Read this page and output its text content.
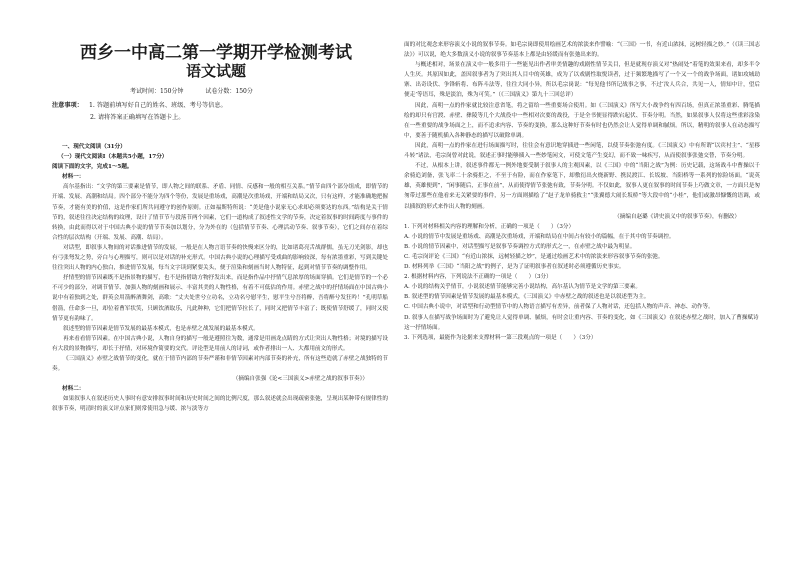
西乡一中高二第一学期开学检测考试
语文试题
考试时间：150分钟	试卷分数：150分
注意事项： 1. 答题前填写好自己的姓名、班级、考号等信息。
2. 请将答案正确填写在答题卡上。
一、现代文阅读（31分）
（一）现代文阅读Ⅰ（本题共5小题，17分）
阅读下面的文字，完成1～5题。
材料一：

高尔基指出：“文学的第三要素是情节，即人物之间的联系、矛盾、同情、反感和一般的相互关系。”情节由四个部分组成，即情节的开端、发展、高潮和结局。四个部分不能分为四个等份，发展是重场戏，高潮是次重场戏，开端和结局又次，只有这样，才能准确地把握节奏，才能有美的价值，这是作家们所共同遵守的创作原则。正如福斯特所说：“美是他小说家无心求却必须要达的东西。”结构是关于情节的，叙述往往决定结构的纹理，设计了情节节与段落节两个因素，它们一道构成了叙述性文学的节奏，决定着叙事的时间跨度与事件的转换，由此而得以对于中国古典小说的情节节奏加以划分，分为外在的（包括情节节奏、心理活动节奏、叙事节奏），它们之间存在着综合性的层次结构（开端、发展、高潮、结局）。

对话型，即叙事人物间的对话推进情节的发展，一般是在人物言语节奏的快慢来区分的，比如诸葛亮舌战群儒，虽无刀光剑影，却也有弓张弩发之势，旁白与心理描写，则可以是对话的补充形式。中国古典小说的心理描写受戏曲的影响较深，每有浓墨重彩，写到关键处往往突出人物的内心独白，推进情节发展，每当文字读到紧要关头，便于渲染和刻画当时人物特征，起到对情节节奏的调整作用。

抒情型的情节因素既不是指景物的描写，也不是指借助方物抒发出来，而是指作品中抒情气息浓厚的场面穿插。它们是情节的一个必不可少的部分，对调节情节、加强人物的刻画和展示、丰富其美的人物性格，有着不可低估的作用。赤壁之战中的抒情场面在中国古典小说中有着独到之处，群英会用箭醉酒舞剑，高歌：“丈夫处世兮立功名，立功名兮慰平生，慰平生兮吾将醉，吾将醉兮发狂吟！”孔明草船借箭，任命多一旦，却位着曹军状笑，只顾饮酒取乐，凡此种种，它们把情节拉长了，同时又把情节丰富了；既使情节舒缓了，同时又使情节更有韵味了。

叙述型的情节因素是情节发展的最基本模式，也是赤壁之战发展的最基本模式。

再来看看情节因素。在中国古典小说，人物自身的描写一般是遵照往为数，通常是用画龙点睛的方式让突出人物性格；对境的描写设有大段的景物描写，却长于抒情，对环境作简要的交代。评论型是用前人的诗词，或作者排出一人、大都用前文的形式。

《三国演义》赤壁之战情节的变化，就在于情节内部的节奏严谨和非情节因素对内部节奏的补充，所有这些造就了赤壁之战独特的节奏。

（摘编自张强《论<三国演义>赤壁之战的叙事节奏》）

材料二：

如果叙事人在叙述历史人事时有意安排叙事时间和历史时间之间的比例尺度，那么叙述就会出现疏密张弛，呈现出某种带有规律性的叙事节奏，明清时的演义评点家们则常使用急与缓、浓与淡等方

面的对比观念来形容演义小说的叙事节奏。如毛宗岗即使用绘画艺术的浓淡来作譬喻：“《三国》一书，有近山浓抹，远树轻描之妙。”（《读三国志法》）可以说，绝大多数演义小说的叙事节奏基本上都是由轻缓而有张弛出来的。

与概述相对，场景在演义中一般多用于一些能见出作者审美情趣的戏剧性情节关目，但是就现存演义对“热闹处”着笔的效果来看，却多半令人生厌。其原因如此，盖因叙事者为了突出其人目中的英雄，成为了以戏剧性取悦读者，过于频繁地描写了一个又一个的战争场面，诸如攻城劫寨、出奇设伏、争锋斩将、布阵斗法等，往往大同小异，所以毛宗岗说：“每见他书所记战事之事，不过‘汝人兵合，共见一人，情知中计，望后便走’等语耳，殊是淡泊，殊为可笑。”（《三国演义》第九十三回总评）

因此，高明一点的作家就比较注意省笔，将之留给一些重要场合使用。如《三国演义》所写大小战争约有四百场，但真正浓墨重彩、腾笔描绘的却只有官渡、赤壁、彝陵等几个大战役中一些相对次要的战役，于是全书便显得跌宕起伏、节奏分明。当然，如果叙事人仅将这些重彩涂染在一些重要的战争场面之上，而不追求内容、节奏的变换，那么这种好节奏有时也仍然会让人觉得单调和腻烦。所以，精明的叙事人在动态描写中，要善于随机插入各种静态的描写以破除单调。

因此，高明一点的作家在进行场面描写时，往往会有意识地穿插进一些闲笔，以使节奏张弛有度。《三国演义》中有所谓“以宾衬主”、“星移斗转”诸法，毛宗岗曾对此说，叙述正事时能够插入一些妙笔闲文，可使文笔产生变幻，而不致一味疾写，从而使叙事张弛交替，节奏分明。

不过，从根本上讲，叙述事件都无一例外地要受制于叙事人的主观因素，以《三国》中的“当阳之战”为例：历史记载，这场战斗中曹操以千余骑追刘备，张飞率二十余骑拒之，不至于有险，而在作家笔下，却敷衍出火烧新野、携民渡江、长坂坡、当阳桥等一系列的惊险场面。“说英雄，英雄便到”，“闲事随后，正事在前”，从而使得情节张弛有致，节奏分明。不仅如此，叙事人更在叙事的时间节奏上巧做文章，一方面只是匆匆带过那些在他看来无关紧要的事件，另一方面则描绘了“赵子龙单骑救主”“张翼德大闹长坂桥”等大段中的“小桂”，他们或激昂慷慨的语调，或以插叙的形式来作出人物的刻画。

（摘编自赵璐《讲史演义中的叙事节奏》，有删改）

1. 下列对材料相关内容的理解和分析，正确的一项是（　　）（3分）
A. 小说的情节中发展是重场戏、高潮是次重场戏，开端和结局在中间占有较小的篇幅，在于其中的节奏调控。
B. 小说的情节因素中，对话型描写是叙事节奏调控方式的形式之一，在赤壁之战中最为明显。
C. 毛宗岗评论《三国》“有近山浓抹，远树轻描之妙”，是通过绘画艺术中的浓淡来形容叙事节奏的张弛。
D. 材料列举《三国》“当阳之战”的例子，是为了证明叙事者在叙述时必须遵循历史事实。
2. 根据材料内容，下列说法不正确的一项是（　　）（3分）
A. 小说的结构关乎情节，小说叙述情节能够完善小说结构，高尔基认为情节是文学的第三要素。
B. 叙述型的情节因素是情节发展的最基本模式，《三国演义》中赤壁之战的叙述也是以叙述型为主。
C. 中国古典小说中，对话型和行动型情节中的人物语言描写有差异，前者保了人物对话，还包括人物的声音、神态、动作等。
D. 叙事人在描写战争场面时为了避免让人觉得单调、腻烦，有时会让重内容、节奏的变化，如《三国演义》在叙述赤壁之战时，加入了曹操赋诗这一抒情场面。
3. 下列选项，最能作为论据来支撑材料一第三段观点的一项是（　　）（3分）
